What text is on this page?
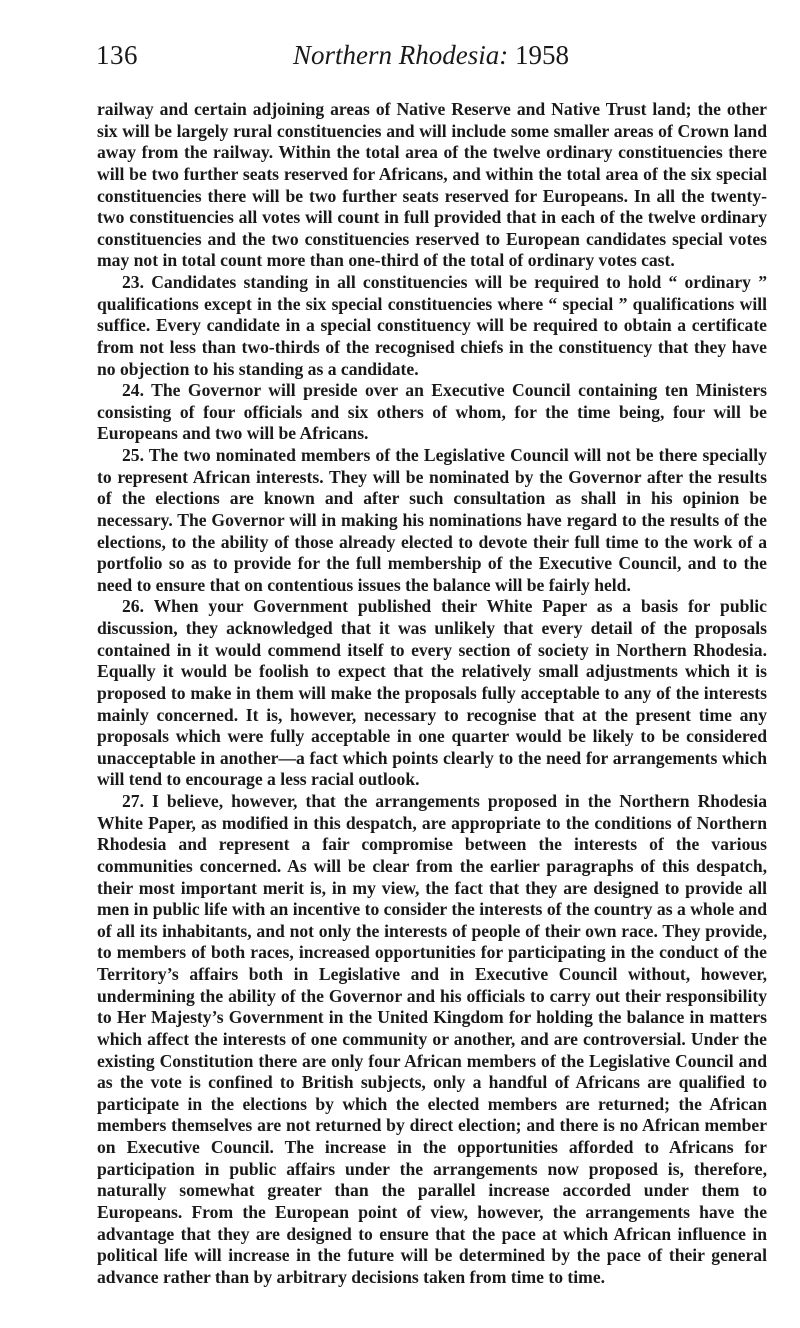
136	Northern Rhodesia: 1958

railway and certain adjoining areas of Native Reserve and Native Trust land; the other six will be largely rural constituencies and will include some smaller areas of Crown land away from the railway. Within the total area of the twelve ordinary constituencies there will be two further seats reserved for Africans, and within the total area of the six special constituencies there will be two further seats reserved for Europeans. In all the twenty-two constituencies all votes will count in full provided that in each of the twelve ordinary constituencies and the two constituencies reserved to European candidates special votes may not in total count more than one-third of the total of ordinary votes cast.

23. Candidates standing in all constituencies will be required to hold “ ordinary ” qualifications except in the six special constituencies where “ special ” qualifications will suffice. Every candidate in a special constituency will be required to obtain a certificate from not less than two-thirds of the recognised chiefs in the constituency that they have no objection to his standing as a candidate.

24. The Governor will preside over an Executive Council containing ten Ministers consisting of four officials and six others of whom, for the time being, four will be Europeans and two will be Africans.

25. The two nominated members of the Legislative Council will not be there specially to represent African interests. They will be nominated by the Governor after the results of the elections are known and after such consultation as shall in his opinion be necessary. The Governor will in making his nominations have regard to the results of the elections, to the ability of those already elected to devote their full time to the work of a portfolio so as to provide for the full membership of the Executive Council, and to the need to ensure that on contentious issues the balance will be fairly held.

26. When your Government published their White Paper as a basis for public discussion, they acknowledged that it was unlikely that every detail of the proposals contained in it would commend itself to every section of society in Northern Rhodesia. Equally it would be foolish to expect that the relatively small adjustments which it is proposed to make in them will make the proposals fully acceptable to any of the interests mainly concerned. It is, however, necessary to recognise that at the present time any proposals which were fully acceptable in one quarter would be likely to be considered unacceptable in another—a fact which points clearly to the need for arrangements which will tend to encourage a less racial outlook.

27. I believe, however, that the arrangements proposed in the Northern Rhodesia White Paper, as modified in this despatch, are appropriate to the conditions of Northern Rhodesia and represent a fair compromise between the interests of the various communities concerned. As will be clear from the earlier paragraphs of this despatch, their most important merit is, in my view, the fact that they are designed to provide all men in public life with an incentive to consider the interests of the country as a whole and of all its inhabitants, and not only the interests of people of their own race. They provide, to members of both races, increased opportunities for participating in the conduct of the Territory’s affairs both in Legislative and in Executive Council without, however, undermining the ability of the Governor and his officials to carry out their responsibility to Her Majesty’s Government in the United Kingdom for holding the balance in matters which affect the interests of one community or another, and are controversial. Under the existing Constitution there are only four African members of the Legislative Council and as the vote is confined to British subjects, only a handful of Africans are qualified to participate in the elections by which the elected members are returned; the African members themselves are not returned by direct election; and there is no African member on Executive Council. The increase in the opportunities afforded to Africans for participation in public affairs under the arrangements now proposed is, therefore, naturally somewhat greater than the parallel increase accorded under them to Europeans. From the European point of view, however, the arrangements have the advantage that they are designed to ensure that the pace at which African influence in political life will increase in the future will be determined by the pace of their general advance rather than by arbitrary decisions taken from time to time.
